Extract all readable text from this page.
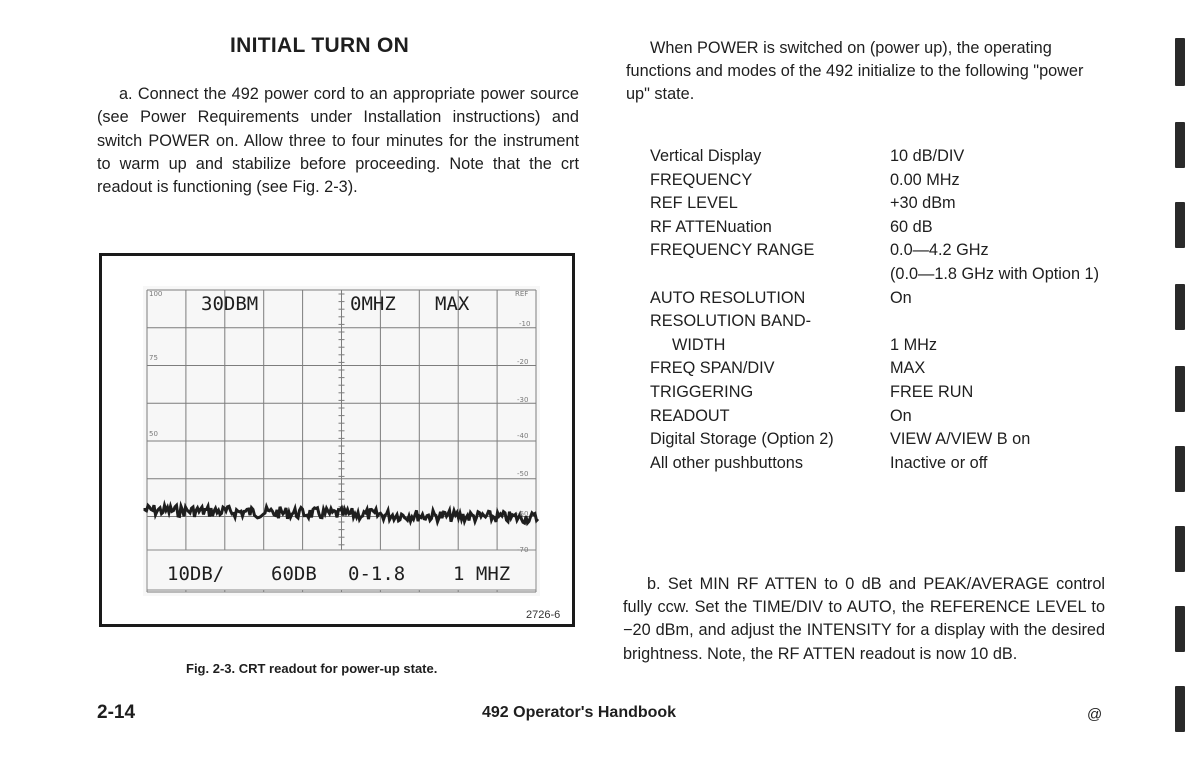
INITIAL TURN ON
a. Connect the 492 power cord to an appropriate power source (see Power Requirements under Installation instructions) and switch POWER on. Allow three to four minutes for the instrument to warm up and stabilize before proceeding. Note that the crt readout is functioning (see Fig. 2-3).
30DBM	0MHZ MAX
10DB/ 60DB 0-1.8	1 MHZ
100
75
50
REF
-10
-20
-30
-40
-50
-60
-70
2726-6
Fig. 2-3. CRT readout for power-up state.
When POWER is switched on (power up), the operating functions and modes of the 492 initialize to the following "power up" state.
Vertical Display	10 dB/DIV
FREQUENCY	0.00 MHz
REF LEVEL	+30 dBm
RF ATTENuation	60 dB
FREQUENCY RANGE	0.0—4.2 GHz
(0.0—1.8 GHz with Option 1)
AUTO RESOLUTION	On
RESOLUTION BAND-
WIDTH	1 MHz
FREQ SPAN/DIV	MAX
TRIGGERING	FREE RUN
READOUT	On
Digital Storage (Option 2)	VIEW A/VIEW B on
All other pushbuttons	Inactive or off
b. Set MIN RF ATTEN to 0 dB and PEAK/AVERAGE control fully ccw. Set the TIME/DIV to AUTO, the REFERENCE LEVEL to −20 dBm, and adjust the INTENSITY for a display with the desired brightness. Note, the RF ATTEN readout is now 10 dB.
2-14	492 Operator's Handbook	@
